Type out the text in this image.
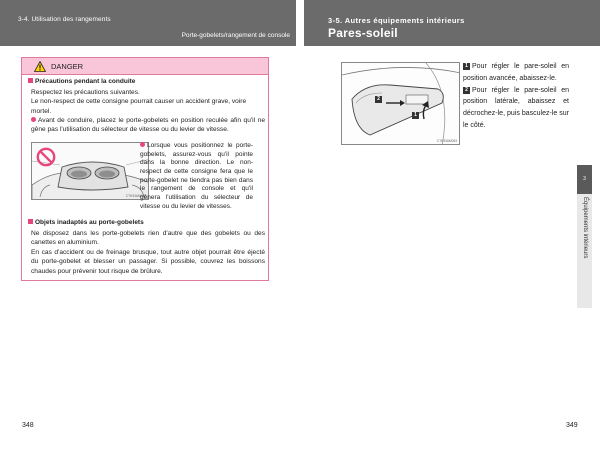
3-4. Utilisation des rangements
Porte-gobelets/rangement de console
3-5. Autres équipements intérieurs
Pares-soleil
DANGER
Précautions pendant la conduite
Respectez les précautions suivantes.
Le non-respect de cette consigne pourrait causer un accident grave, voire mortel.
Avant de conduire, placez le porte-gobelets en position reculée afin qu'il ne gêne pas l'utilisation du sélecteur de vitesse ou du levier de vitesse.
CTH33AM088
Lorsque vous positionnez le porte-gobelets, assurez-vous qu'il pointe dans la bonne direction. Le non-respect de cette consigne fera que le porte-gobelet ne tiendra pas bien dans le rangement de console et qu'il gênera l'utilisation du sélecteur de vitesse ou du levier de vitesses.
Objets inadaptés au porte-gobelets
Ne disposez dans les porte-gobelets rien d'autre que des gobelets ou des canettes en aluminium.
En cas d'accident ou de freinage brusque, tout autre objet pourrait être éjecté du porte-gobelet et blesser un passager. Si possible, couvrez les boissons chaudes pour prévenir tout risque de brûlure.
2
1
CTH33AM063
1 Pour régler le pare-soleil en position avancée, abaissez-le.
2 Pour régler le pare-soleil en position latérale, abaissez et décrochez-le, puis basculez-le sur le côté.
3
Équipements intérieurs
348	349
